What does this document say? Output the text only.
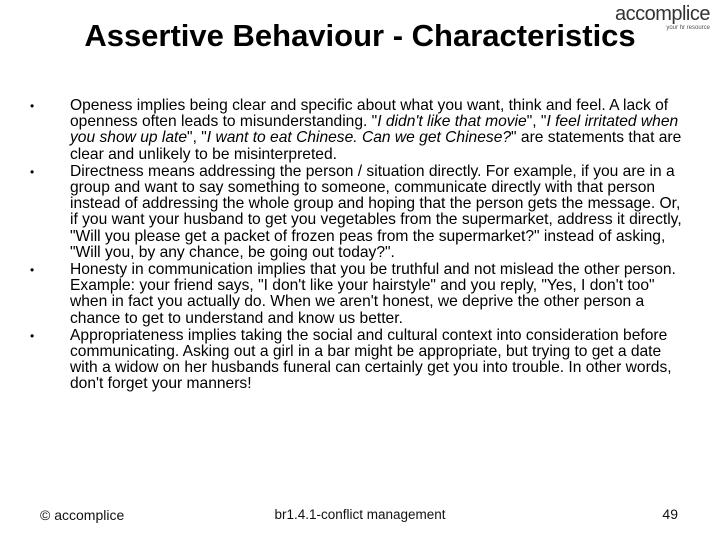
accomplice
your hr resource
Assertive Behaviour - Characteristics
• Openess implies being clear and specific about what you want, think and feel. A lack of openness often leads to misunderstanding. "I didn't like that movie", "I feel irritated when you show up late", "I want to eat Chinese. Can we get Chinese?" are statements that are clear and unlikely to be misinterpreted.
• Directness means addressing the person / situation directly. For example, if you are in a group and want to say something to someone, communicate directly with that person instead of addressing the whole group and hoping that the person gets the message. Or, if you want your husband to get you vegetables from the supermarket, address it directly, "Will you please get a packet of frozen peas from the supermarket?" instead of asking, "Will you, by any chance, be going out today?".
• Honesty in communication implies that you be truthful and not mislead the other person. Example: your friend says, "I don't like your hairstyle" and you reply, "Yes, I don't too" when in fact you actually do. When we aren't honest, we deprive the other person a chance to get to understand and know us better.
• Appropriateness implies taking the social and cultural context into consideration before communicating. Asking out a girl in a bar might be appropriate, but trying to get a date with a widow on her husbands funeral can certainly get you into trouble. In other words, don't forget your manners!
© accomplice	br1.4.1-conflict management	49
